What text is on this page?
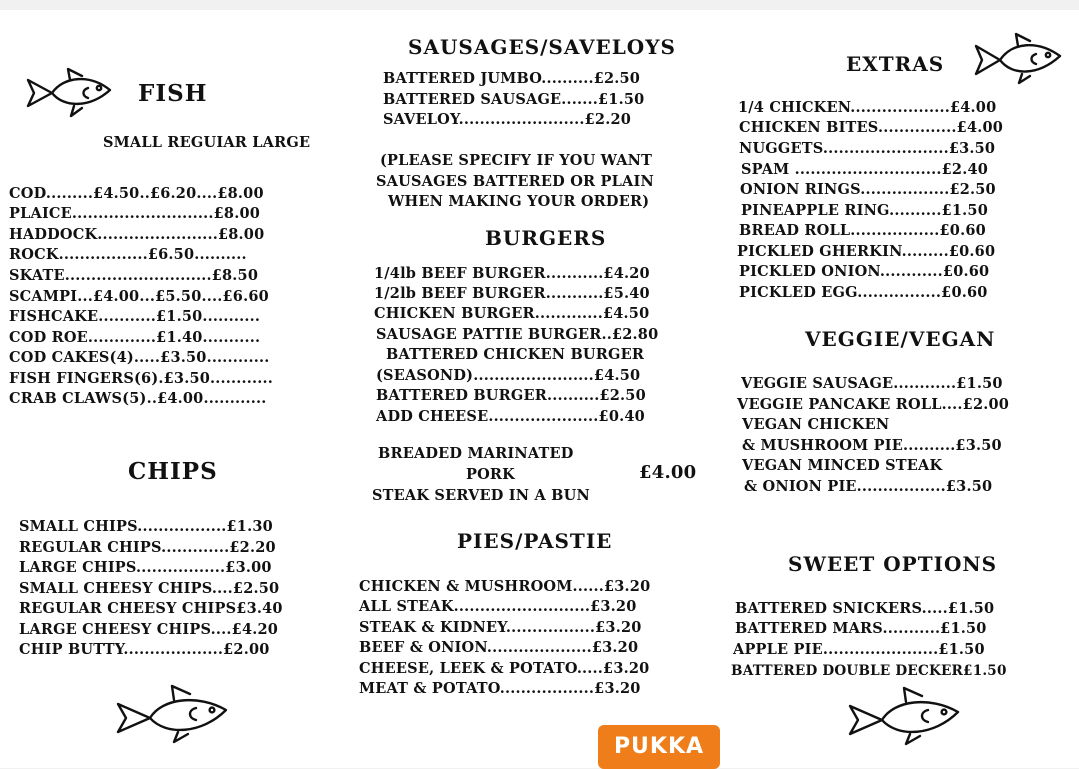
FISH
SMALL REGUIAR LARGE
COD.........£4.50..£6.20....£8.00
PLAICE...........................£8.00
HADDOCK.......................£8.00
ROCK.................£6.50..........
SKATE............................£8.50
SCAMPI...£4.00...£5.50....£6.60
FISHCAKE...........£1.50...........
COD ROE.............£1.40...........
COD CAKES(4).....£3.50............
FISH FINGERS(6).£3.50............
CRAB CLAWS(5)..£4.00............
CHIPS
SMALL CHIPS.................£1.30
REGULAR CHIPS.............£2.20
LARGE CHIPS.................£3.00
SMALL CHEESY CHIPS....£2.50
REGULAR CHEESY CHIPS£3.40
LARGE CHEESY CHIPS....£4.20
CHIP BUTTY...................£2.00
SAUSAGES/SAVELOYS
BATTERED JUMBO..........£2.50
BATTERED SAUSAGE.......£1.50
SAVELOY........................£2.20
(PLEASE SPECIFY IF YOU WANT
SAUSAGES BATTERED OR PLAIN
WHEN MAKING YOUR ORDER)
BURGERS
1/4lb BEEF BURGER...........£4.20
1/2lb BEEF BURGER...........£5.40
CHICKEN BURGER.............£4.50
SAUSAGE PATTIE BURGER..£2.80
BATTERED CHICKEN BURGER
(SEASOND).......................£4.50
BATTERED BURGER..........£2.50
ADD CHEESE.....................£0.40
BREADED MARINATED
PORK	£4.00
STEAK SERVED IN A BUN
PIES/PASTIE
CHICKEN & MUSHROOM......£3.20
ALL STEAK..........................£3.20
STEAK & KIDNEY.................£3.20
BEEF & ONION....................£3.20
CHEESE, LEEK & POTATO.....£3.20
MEAT & POTATO..................£3.20
PUKKA
EXTRAS
1/4 CHICKEN...................£4.00
CHICKEN BITES...............£4.00
NUGGETS........................£3.50
SPAM ............................£2.40
ONION RINGS.................£2.50
PINEAPPLE RING..........£1.50
BREAD ROLL.................£0.60
PICKLED GHERKIN.........£0.60
PICKLED ONION............£0.60
PICKLED EGG................£0.60
VEGGIE/VEGAN
VEGGIE SAUSAGE............£1.50
VEGGIE PANCAKE ROLL....£2.00
VEGAN CHICKEN
& MUSHROOM PIE..........£3.50
VEGAN MINCED STEAK
& ONION PIE.................£3.50
SWEET OPTIONS
BATTERED SNICKERS.....£1.50
BATTERED MARS...........£1.50
APPLE PIE......................£1.50
BATTERED DOUBLE DECKER£1.50
